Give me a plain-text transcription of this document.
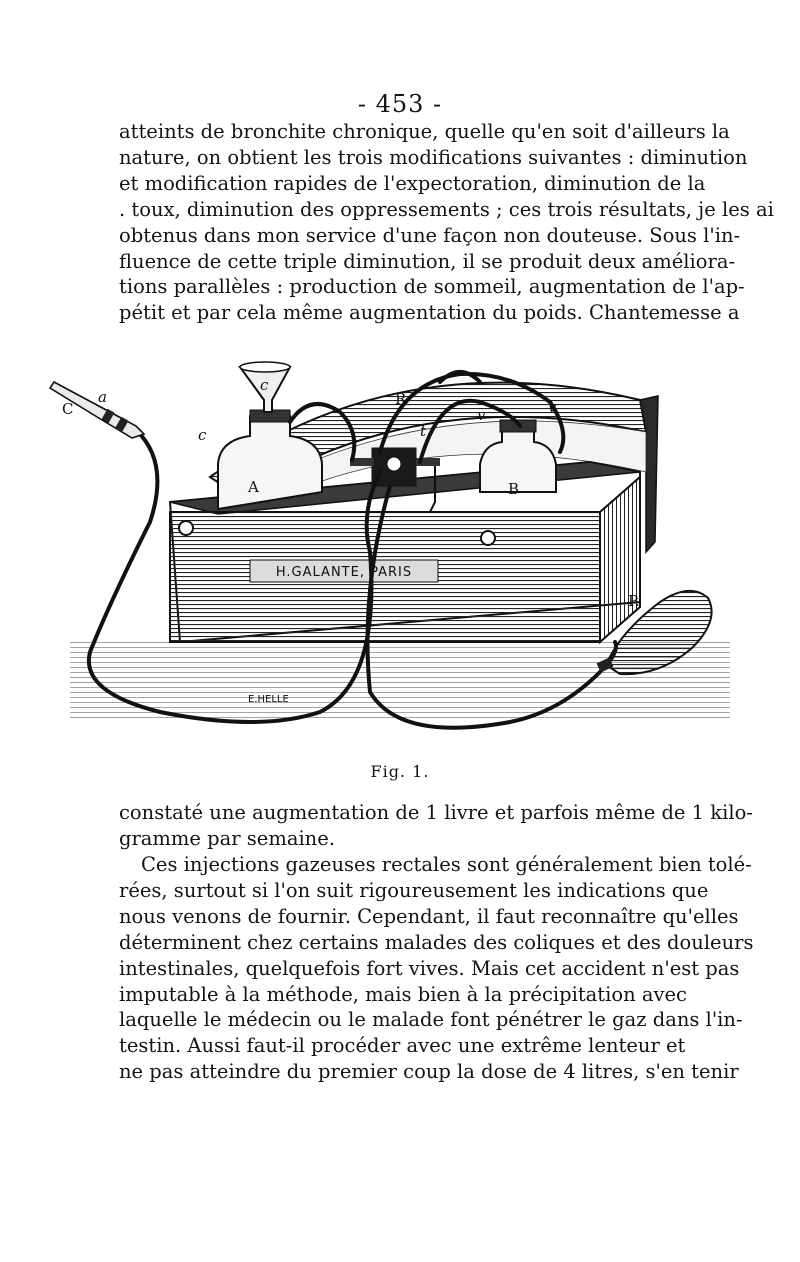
- 453 -

atteints de bronchite chronique, quelle qu'en soit d'ailleurs la
nature, on obtient les trois modifications suivantes : diminution
et modification rapides de l'expectoration, diminution de la
. toux, diminution des oppressements ; ces trois résultats, je les ai
obtenus dans mon service d'une façon non douteuse. Sous l'in-
fluence de cette triple diminution, il se produit deux améliora-
tions parallèles : production de sommeil, augmentation de l'ap-
pétit et par cela même augmentation du poids. Chantemesse a

H.GALANTE, PARIS
a
C
c
c
R
v	v
t
A	B
P.
E.HELLE
Fig. 1.

constaté une augmentation de 1 livre et parfois même de 1 kilo-
gramme par semaine.

Ces injections gazeuses rectales sont généralement bien tolé-
rées, surtout si l'on suit rigoureusement les indications que
nous venons de fournir. Cependant, il faut reconnaître qu'elles
déterminent chez certains malades des coliques et des douleurs
intestinales, quelquefois fort vives. Mais cet accident n'est pas
imputable à la méthode, mais bien à la précipitation avec
laquelle le médecin ou le malade font pénétrer le gaz dans l'in-
testin. Aussi faut-il procéder avec une extrême lenteur et
ne pas atteindre du premier coup la dose de 4 litres, s'en tenir
